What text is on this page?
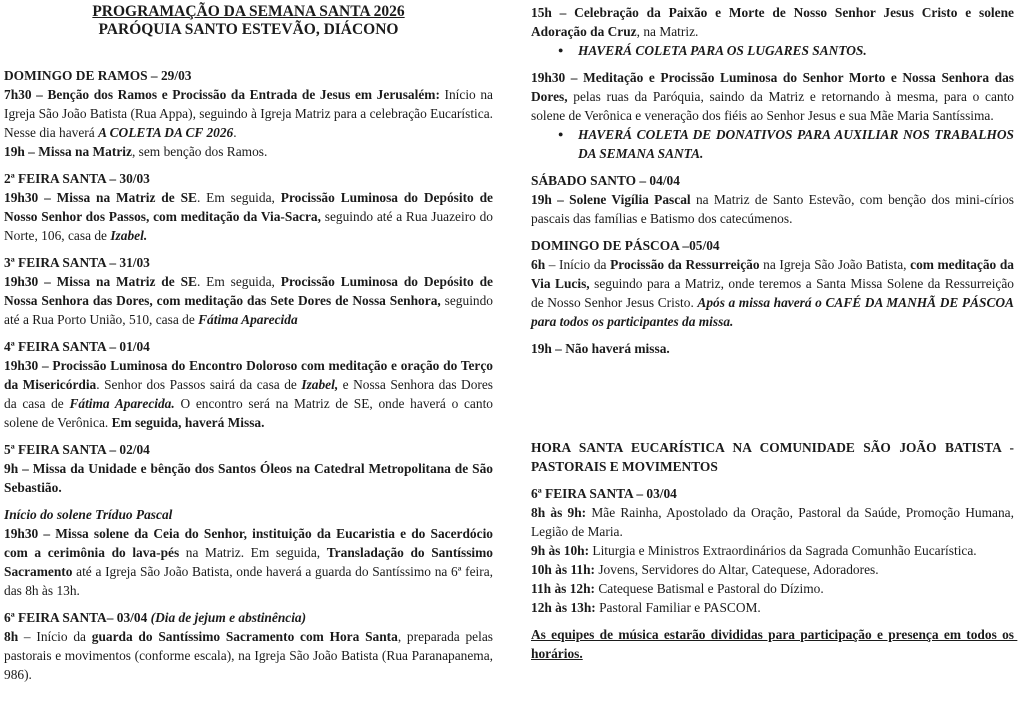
PROGRAMAÇÃO DA SEMANA SANTA 2026
PARÓQUIA SANTO ESTEVÃO, DIÁCONO
DOMINGO DE RAMOS – 29/03
7h30 – Benção dos Ramos e Procissão da Entrada de Jesus em Jerusalém: Início na Igreja São João Batista (Rua Appa), seguindo à Igreja Matriz para a celebração Eucarística. Nesse dia haverá A COLETA DA CF 2026.
19h – Missa na Matriz, sem benção dos Ramos.
2ª FEIRA SANTA – 30/03
19h30 – Missa na Matriz de SE. Em seguida, Procissão Luminosa do Depósito de Nosso Senhor dos Passos, com meditação da Via-Sacra, seguindo até a Rua Juazeiro do Norte, 106, casa de Izabel.
3ª FEIRA SANTA – 31/03
19h30 – Missa na Matriz de SE. Em seguida, Procissão Luminosa do Depósito de Nossa Senhora das Dores, com meditação das Sete Dores de Nossa Senhora, seguindo até a Rua Porto União, 510, casa de Fátima Aparecida
4ª FEIRA SANTA – 01/04
19h30 – Procissão Luminosa do Encontro Doloroso com meditação e oração do Terço da Misericórdia. Senhor dos Passos sairá da casa de Izabel, e Nossa Senhora das Dores da casa de Fátima Aparecida. O encontro será na Matriz de SE, onde haverá o canto solene de Verônica. Em seguida, haverá Missa.
5ª FEIRA SANTA – 02/04
9h – Missa da Unidade e bênção dos Santos Óleos na Catedral Metropolitana de São Sebastião.
Início do solene Tríduo Pascal
19h30 – Missa solene da Ceia do Senhor, instituição da Eucaristia e do Sacerdócio com a cerimônia do lava-pés na Matriz. Em seguida, Transladação do Santíssimo Sacramento até a Igreja São João Batista, onde haverá a guarda do Santíssimo na 6ª feira, das 8h às 13h.
6ª FEIRA SANTA– 03/04 (Dia de jejum e abstinência)
8h – Início da guarda do Santíssimo Sacramento com Hora Santa, preparada pelas pastorais e movimentos (conforme escala), na Igreja São João Batista (Rua Paranapanema, 986).
15h – Celebração da Paixão e Morte de Nosso Senhor Jesus Cristo e solene Adoração da Cruz, na Matriz.
● HAVERÁ COLETA PARA OS LUGARES SANTOS.
19h30 – Meditação e Procissão Luminosa do Senhor Morto e Nossa Senhora das Dores, pelas ruas da Paróquia, saindo da Matriz e retornando à mesma, para o canto solene de Verônica e veneração dos fiéis ao Senhor Jesus e sua Mãe Maria Santíssima.
● HAVERÁ COLETA DE DONATIVOS PARA AUXILIAR NOS TRABALHOS DA SEMANA SANTA.
SÁBADO SANTO – 04/04
19h – Solene Vigília Pascal na Matriz de Santo Estevão, com benção dos mini-círios pascais das famílias e Batismo dos catecúmenos.
DOMINGO DE PÁSCOA –05/04
6h – Início da Procissão da Ressurreição na Igreja São João Batista, com meditação da Via Lucis, seguindo para a Matriz, onde teremos a Santa Missa Solene da Ressurreição de Nosso Senhor Jesus Cristo. Após a missa haverá o CAFÉ DA MANHÃ DE PÁSCOA para todos os participantes da missa.
19h – Não haverá missa.
HORA SANTA EUCARÍSTICA NA COMUNIDADE SÃO JOÃO BATISTA - PASTORAIS E MOVIMENTOS
6ª FEIRA SANTA – 03/04
8h às 9h: Mãe Rainha, Apostolado da Oração, Pastoral da Saúde, Promoção Humana, Legião de Maria.
9h às 10h: Liturgia e Ministros Extraordinários da Sagrada Comunhão Eucarística.
10h às 11h: Jovens, Servidores do Altar, Catequese, Adoradores.
11h às 12h: Catequese Batismal e Pastoral do Dízimo.
12h às 13h: Pastoral Familiar e PASCOM.
As equipes de música estarão divididas para participação e presença em todos os horários.
